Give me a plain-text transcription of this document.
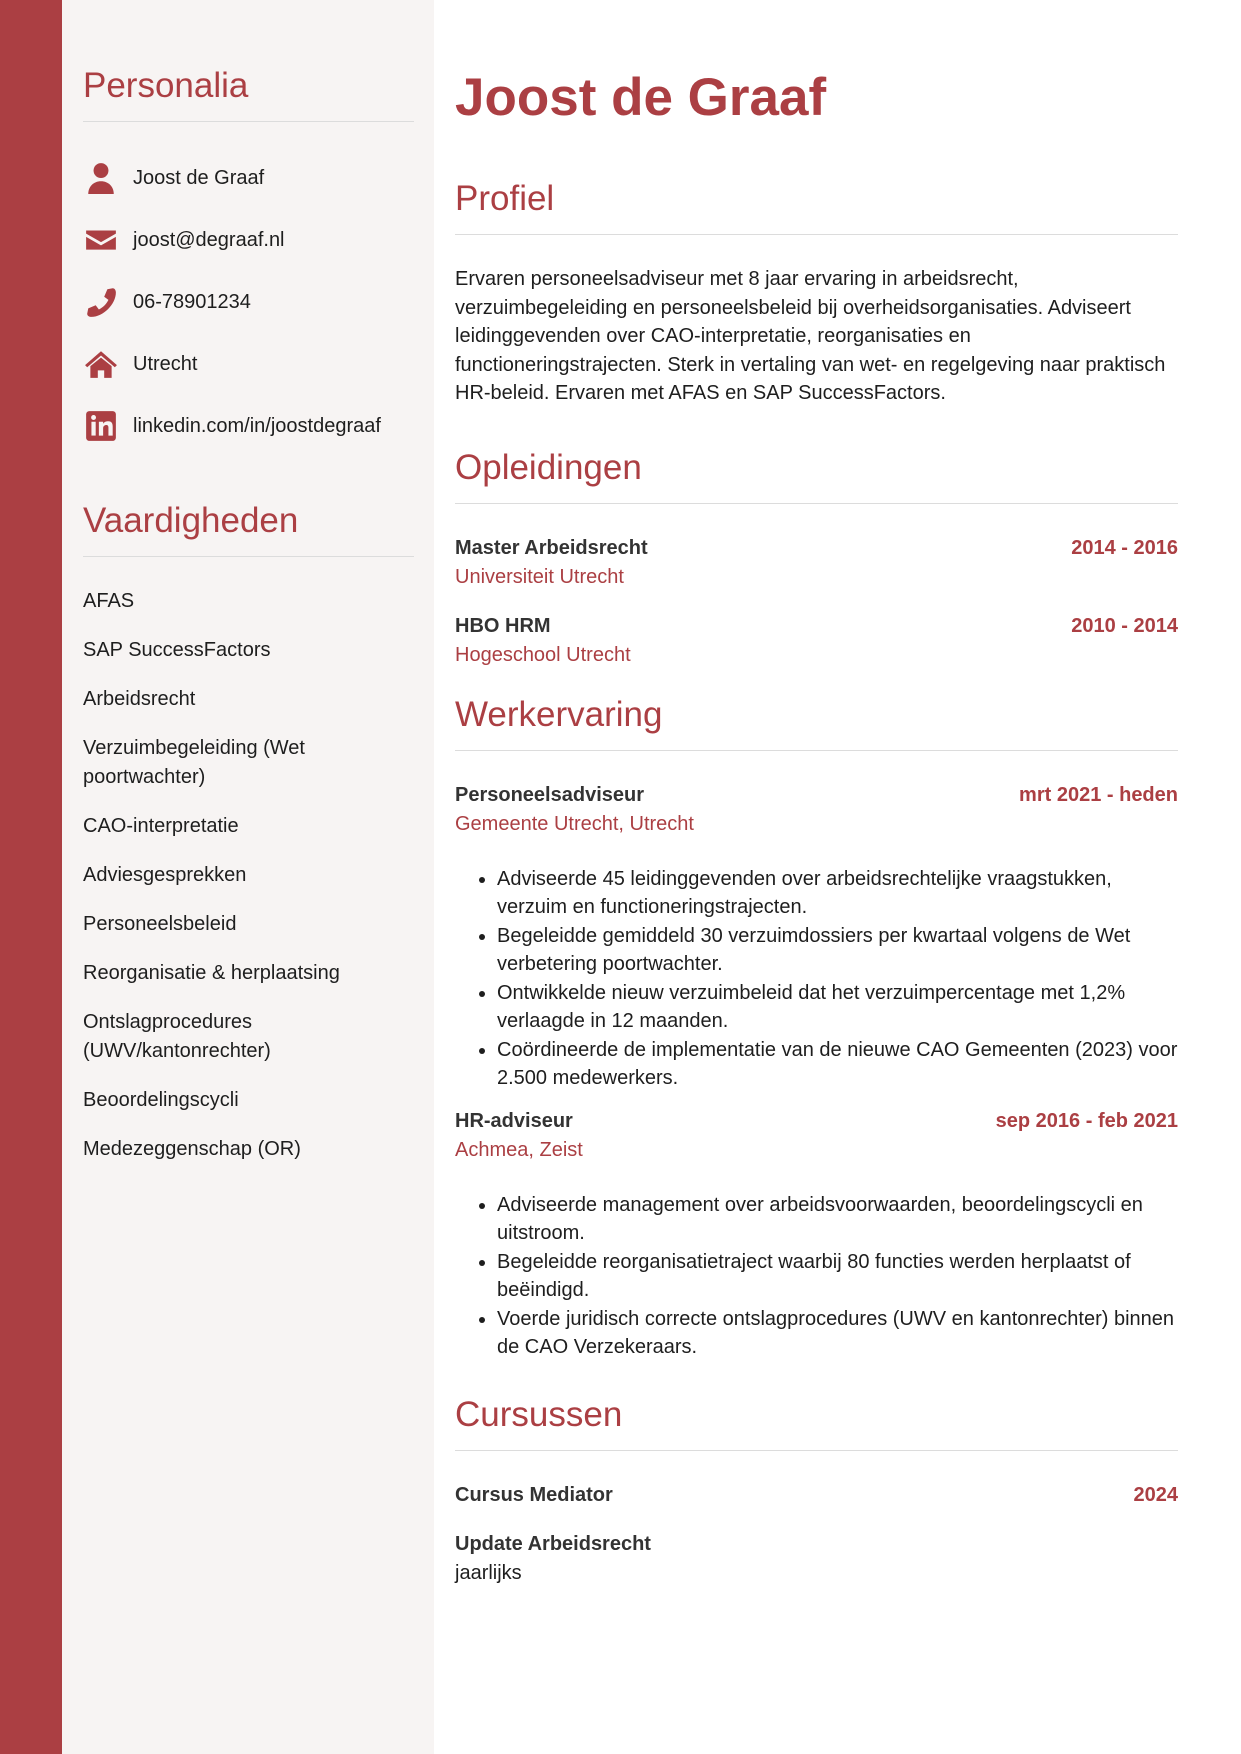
Personalia
Joost de Graaf
joost@degraaf.nl
06-78901234
Utrecht
linkedin.com/in/joostdegraaf
Vaardigheden
AFAS
SAP SuccessFactors
Arbeidsrecht
Verzuimbegeleiding (Wet poortwachter)
CAO-interpretatie
Adviesgesprekken
Personeelsbeleid
Reorganisatie & herplaatsing
Ontslagprocedures (UWV/kantonrechter)
Beoordelingscycli
Medezeggenschap (OR)
Joost de Graaf
Profiel
Ervaren personeelsadviseur met 8 jaar ervaring in arbeidsrecht, verzuimbegeleiding en personeelsbeleid bij overheidsorganisaties. Adviseert leidinggevenden over CAO-interpretatie, reorganisaties en functioneringstrajecten. Sterk in vertaling van wet- en regelgeving naar praktisch HR-beleid. Ervaren met AFAS en SAP SuccessFactors.
Opleidingen
Master Arbeidsrecht	2014 - 2016
Universiteit Utrecht
HBO HRM	2010 - 2014
Hogeschool Utrecht
Werkervaring
Personeelsadviseur	mrt 2021 - heden
Gemeente Utrecht, Utrecht
• Adviseerde 45 leidinggevenden over arbeidsrechtelijke vraagstukken, verzuim en functioneringstrajecten.
• Begeleidde gemiddeld 30 verzuimdossiers per kwartaal volgens de Wet verbetering poortwachter.
• Ontwikkelde nieuw verzuimbeleid dat het verzuimpercentage met 1,2% verlaagde in 12 maanden.
• Coördineerde de implementatie van de nieuwe CAO Gemeenten (2023) voor 2.500 medewerkers.
HR-adviseur	sep 2016 - feb 2021
Achmea, Zeist
• Adviseerde management over arbeidsvoorwaarden, beoordelingscycli en uitstroom.
• Begeleidde reorganisatietraject waarbij 80 functies werden herplaatst of beëindigd.
• Voerde juridisch correcte ontslagprocedures (UWV en kantonrechter) binnen de CAO Verzekeraars.
Cursussen
Cursus Mediator	2024
Update Arbeidsrecht
jaarlijks
